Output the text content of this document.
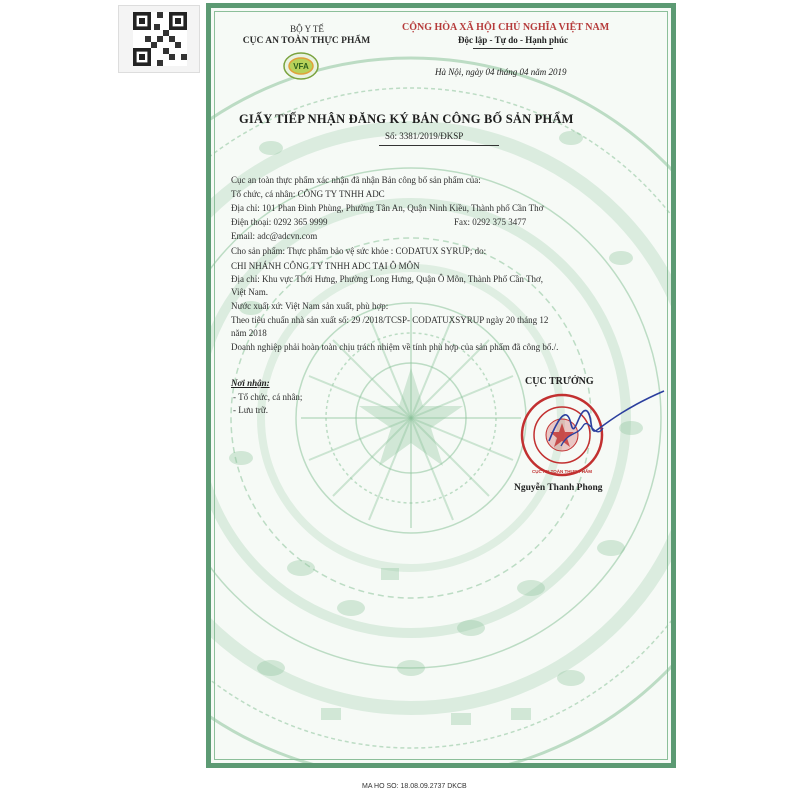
BỘ Y TẾ
CỤC AN TOÀN THỰC PHẨM
VFA
CỘNG HÒA XÃ HỘI CHỦ NGHĨA VIỆT NAM
Độc lập - Tự do - Hạnh phúc
Hà Nội, ngày 04 tháng 04 năm 2019
GIẤY TIẾP NHẬN ĐĂNG KÝ BẢN CÔNG BỐ SẢN PHẨM
Số: 3381/2019/ĐKSP
Cục an toàn thực phẩm xác nhận đã nhận Bản công bố sản phẩm của:
Tổ chức, cá nhân: CÔNG TY TNHH ADC
Địa chỉ: 101 Phan Đình Phùng, Phường Tân An, Quận Ninh Kiều, Thành phố Cần Thơ
Điện thoại: 0292 365 9999	Fax: 0292 375 3477
Email: adc@adcvn.com
Cho sản phẩm: Thực phẩm bảo vệ sức khỏe : CODATUX SYRUP; do:
CHI NHÁNH CÔNG TY TNHH ADC TẠI Ô MÔN
Địa chỉ: Khu vực Thới Hưng, Phường Long Hưng, Quận Ô Môn, Thành Phố Cần Thơ,
Việt Nam.
Nước xuất xứ: Việt Nam sản xuất, phù hợp:
Theo tiêu chuẩn nhà sản xuất số: 29 /2018/TCSP- CODATUXSYRUP ngày 20 tháng 12
năm 2018
Doanh nghiệp phải hoàn toàn chịu trách nhiệm về tính phù hợp của sản phẩm đã công bố./.
Nơi nhận:
- Tổ chức, cá nhân;
- Lưu trữ.
CỤC TRƯỞNG
CỤC AN TOÀN THỰC PHẨM
Nguyễn Thanh Phong
MA HO SO: 18.08.09.2737 DKCB
